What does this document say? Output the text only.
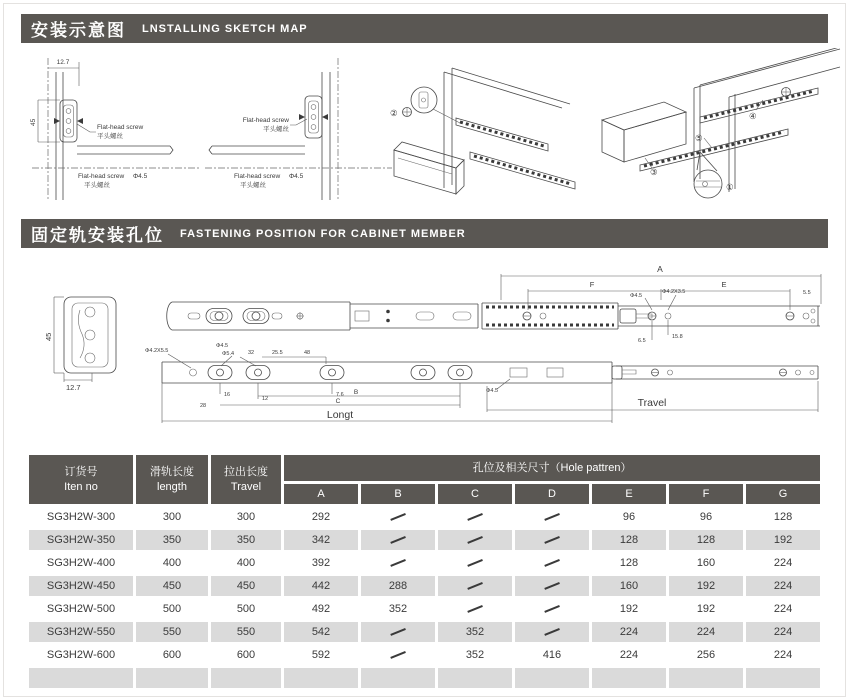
安装示意图 LNSTALLING SKETCH MAP
12.7
45
Flat-head screw
平头螺丝
Flat-head screw Φ4.5
平头螺丝
Flat-head screw
平头螺丝
Flat-head screw Φ4.5
平头螺丝
②
③
⑤
④
①
固定轨安装孔位 FASTENING POSITION FOR CABINET MEMBER
45
12.7
A
F	E
5.5
Φ4.5
Φ4.2X3.5
6.5
15.8
Φ4.2X5.5
Φ4.5
Φ5.4	32	25.5	48
16
12
7.6
28
B
C
Longt
Φ4.5
Travel
订货号
Iten no

滑轨长度
length

拉出长度
Travel
	孔位及相关尺寸（Hole pattren）
			A	B	C	D	E	F	G
SG3H2W-300	300	300	292				96	96	128
SG3H2W-350	350	350	342				128	128	192
SG3H2W-400	400	400	392				128	160	224
SG3H2W-450	450	450	442	288			160	192	224
SG3H2W-500	500	500	492	352			192	192	224
SG3H2W-550	550	550	542		352		224	224	224
SG3H2W-600	600	600	592		352	416	224	256	224
